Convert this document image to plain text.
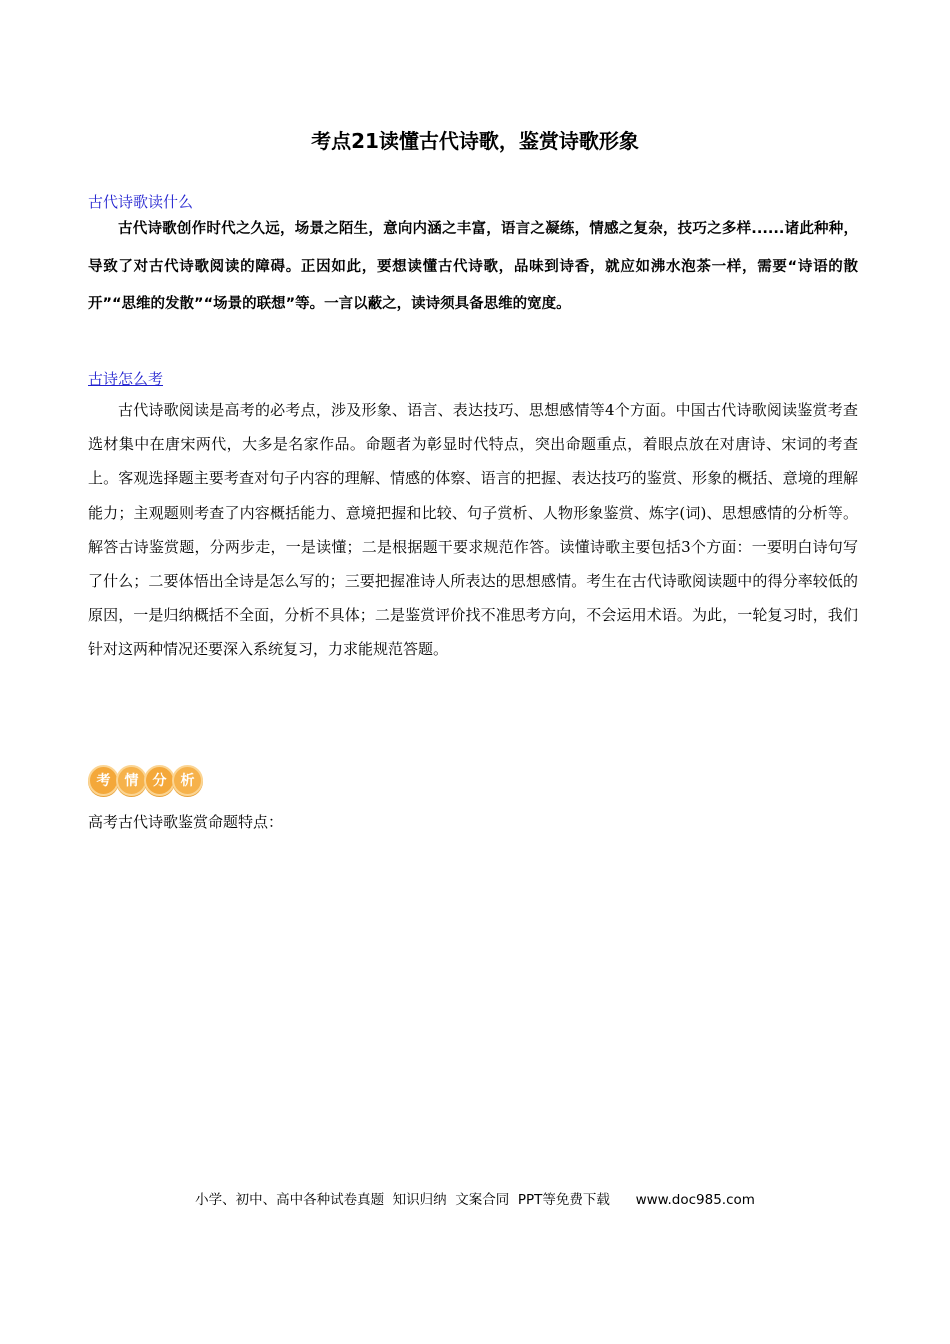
考点21读懂古代诗歌，鉴赏诗歌形象

古代诗歌读什么

古代诗歌创作时代之久远，场景之陌生，意向内涵之丰富，语言之凝练，情感之复杂，技巧之多样......诸此种种，导致了对古代诗歌阅读的障碍。正因如此，要想读懂古代诗歌，品味到诗香，就应如沸水泡茶一样，需要“诗语的散开”“思维的发散”“场景的联想”等。一言以蔽之，读诗须具备思维的宽度。

古诗怎么考

古代诗歌阅读是高考的必考点，涉及形象、语言、表达技巧、思想感情等4个方面。中国古代诗歌阅读鉴赏考查选材集中在唐宋两代，大多是名家作品。命题者为彰显时代特点，突出命题重点，着眼点放在对唐诗、宋词的考查上。客观选择题主要考查对句子内容的理解、情感的体察、语言的把握、表达技巧的鉴赏、形象的概括、意境的理解能力；主观题则考查了内容概括能力、意境把握和比较、句子赏析、人物形象鉴赏、炼字(词)、思想感情的分析等。解答古诗鉴赏题，分两步走，一是读懂；二是根据题干要求规范作答。读懂诗歌主要包括3个方面：一要明白诗句写了什么；二要体悟出全诗是怎么写的；三要把握准诗人所表达的思想感情。考生在古代诗歌阅读题中的得分率较低的原因，一是归纳概括不全面，分析不具体；二是鉴赏评价找不准思考方向，不会运用术语。为此，一轮复习时，我们针对这两种情况还要深入系统复习，力求能规范答题。

考	情	分	析

高考古代诗歌鉴赏命题特点：

小学、初中、高中各种试卷真题  知识归纳  文案合同  PPT等免费下载      www.doc985.com
